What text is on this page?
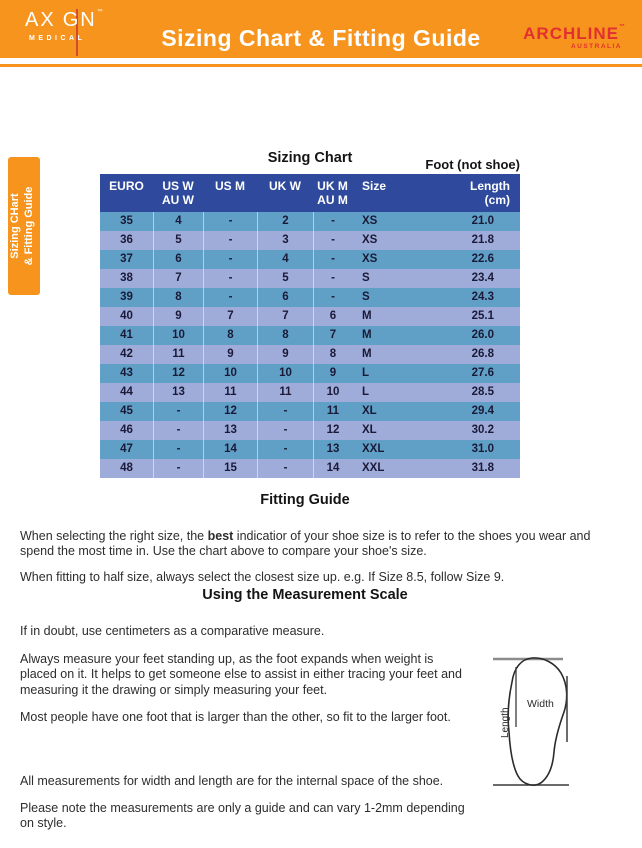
AX GN™
MEDICAL	Sizing Chart & Fitting Guide	ARCHLINE™
AUSTRALIA
Sizing CHart & Fitting Guide
Sizing Chart	Foot (not shoe)
EURO	US W
AU W
US M	UK W	UK M
AU M
Size	Length
(cm)
35	4	-	2	-	XS	21.0
36	5	-	3	-	XS	21.8
37	6	-	4	-	XS	22.6
38	7	-	5	-	S	23.4
39	8	-	6	-	S	24.3
40	9	7	7	6	M	25.1
41	10	8	8	7	M	26.0
42	11	9	9	8	M	26.8
43	12	10	10	9	L	27.6
44	13	11	11	10	L	28.5
45	-	12	-	11	XL	29.4
46	-	13	-	12	XL	30.2
47	-	14	-	13	XXL	31.0
48	-	15	-	14	XXL	31.8
Fitting Guide

When selecting the right size, the best indicatior of your shoe size is to refer to the shoes you wear and spend the most time in. Use the chart above to compare your shoe's size.

When fitting to half size, always select the closest size up. e.g. If Size 8.5, follow Size 9.

Using the Measurement Scale

If in doubt, use centimeters as a comparative measure.

Always measure your feet standing up, as the foot expands when weight is placed on it. It helps to get someone else to assist in either tracing your feet and measuring it the drawing or simply measuring your feet.

Most people have one foot that is larger than the other, so fit to the larger foot.

All measurements for width and length are for the internal space of the shoe.

Please note the measurements are only a guide and can vary 1-2mm depending on style.

Width
Length
